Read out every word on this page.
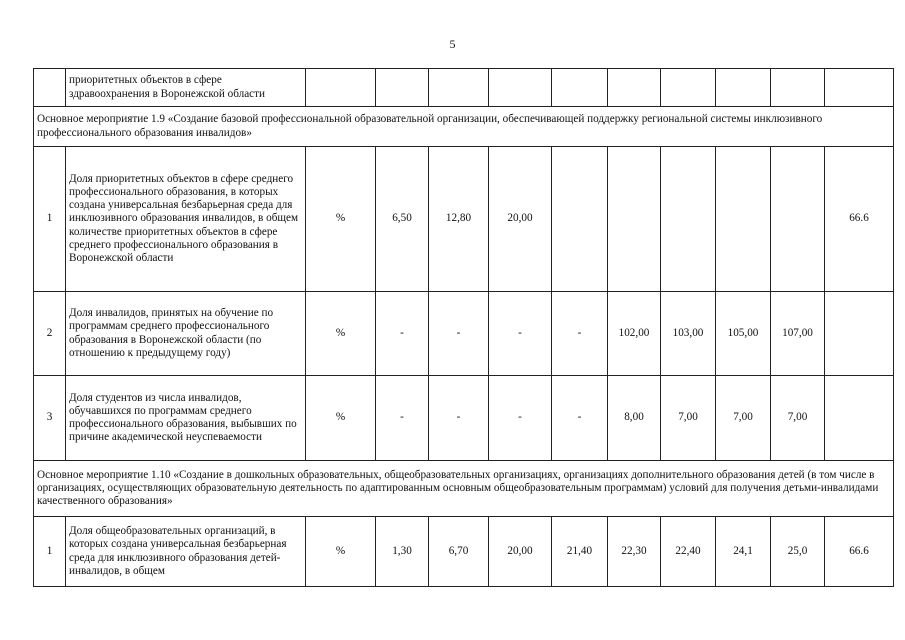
5
	приоритетных объектов в сфере здравоохранения в Воронежской области										
Основное мероприятие 1.9 «Создание базовой профессиональной образовательной организации, обеспечивающей поддержку региональной системы инклюзивного профессионального образования инвалидов»											
1	Доля приоритетных объектов в сфере среднего профессионального образования, в которых создана универсальная безбарьерная среда для инклюзивного образования инвалидов, в общем количестве приоритетных объектов в сфере среднего профессионального образования в Воронежской области	%	6,50	12,80	20,00						66.6
2	Доля инвалидов, принятых на обучение по программам среднего профессионального образования в Воронежской области (по отношению к предыдущему году)	%	-	-	-	-	102,00	103,00	105,00	107,00	
3	Доля студентов из числа инвалидов, обучавшихся по программам среднего профессионального образования, выбывших по причине академической неуспеваемости	%	-	-	-	-	8,00	7,00	7,00	7,00	
Основное мероприятие 1.10 «Создание в дошкольных образовательных, общеобразовательных организациях, организациях дополнительного образования детей (в том числе в организациях, осуществляющих образовательную деятельность по адаптированным основным общеобразовательным программам) условий для получения детьми-инвалидами качественного образования»											
1	Доля общеобразовательных организаций, в которых создана универсальная безбарьерная среда для инклюзивного образования детей-инвалидов, в общем	%	1,30	6,70	20,00	21,40	22,30	22,40	24,1	25,0	66.6
